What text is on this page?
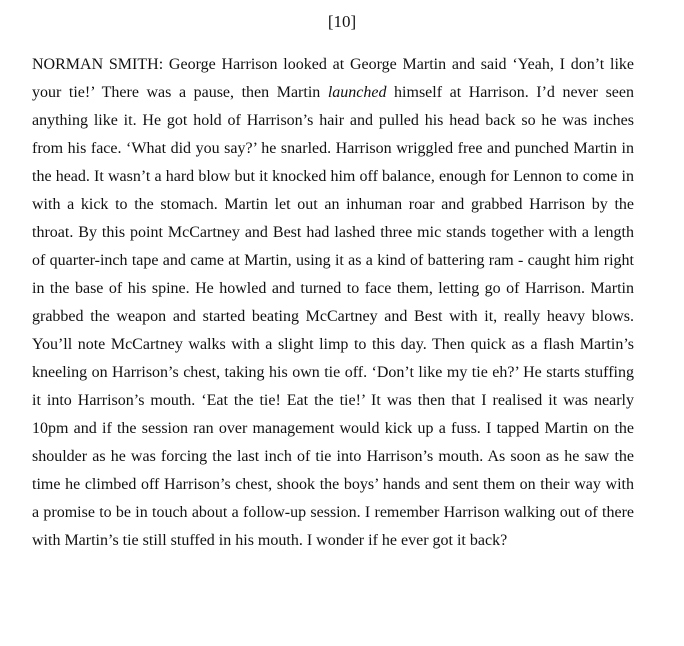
[10]

NORMAN SMITH: George Harrison looked at George Martin and said ‘Yeah, I don’t like your tie!’ There was a pause, then Martin launched himself at Harrison. I’d never seen anything like it. He got hold of Harrison’s hair and pulled his head back so he was inches from his face. ‘What did you say?’ he snarled. Harrison wriggled free and punched Martin in the head. It wasn’t a hard blow but it knocked him off balance, enough for Lennon to come in with a kick to the stomach. Martin let out an inhuman roar and grabbed Harrison by the throat. By this point McCartney and Best had lashed three mic stands together with a length of quarter-inch tape and came at Martin, using it as a kind of battering ram - caught him right in the base of his spine. He howled and turned to face them, letting go of Harrison. Martin grabbed the weapon and started beating McCartney and Best with it, really heavy blows. You’ll note McCartney walks with a slight limp to this day. Then quick as a flash Martin’s kneeling on Harrison’s chest, taking his own tie off. ‘Don’t like my tie eh?’ He starts stuffing it into Harrison’s mouth. ‘Eat the tie! Eat the tie!’ It was then that I realised it was nearly 10pm and if the session ran over management would kick up a fuss. I tapped Martin on the shoulder as he was forcing the last inch of tie into Harrison’s mouth. As soon as he saw the time he climbed off Harrison’s chest, shook the boys’ hands and sent them on their way with a promise to be in touch about a follow-up session. I remember Harrison walking out of there with Martin’s tie still stuffed in his mouth. I wonder if he ever got it back?
